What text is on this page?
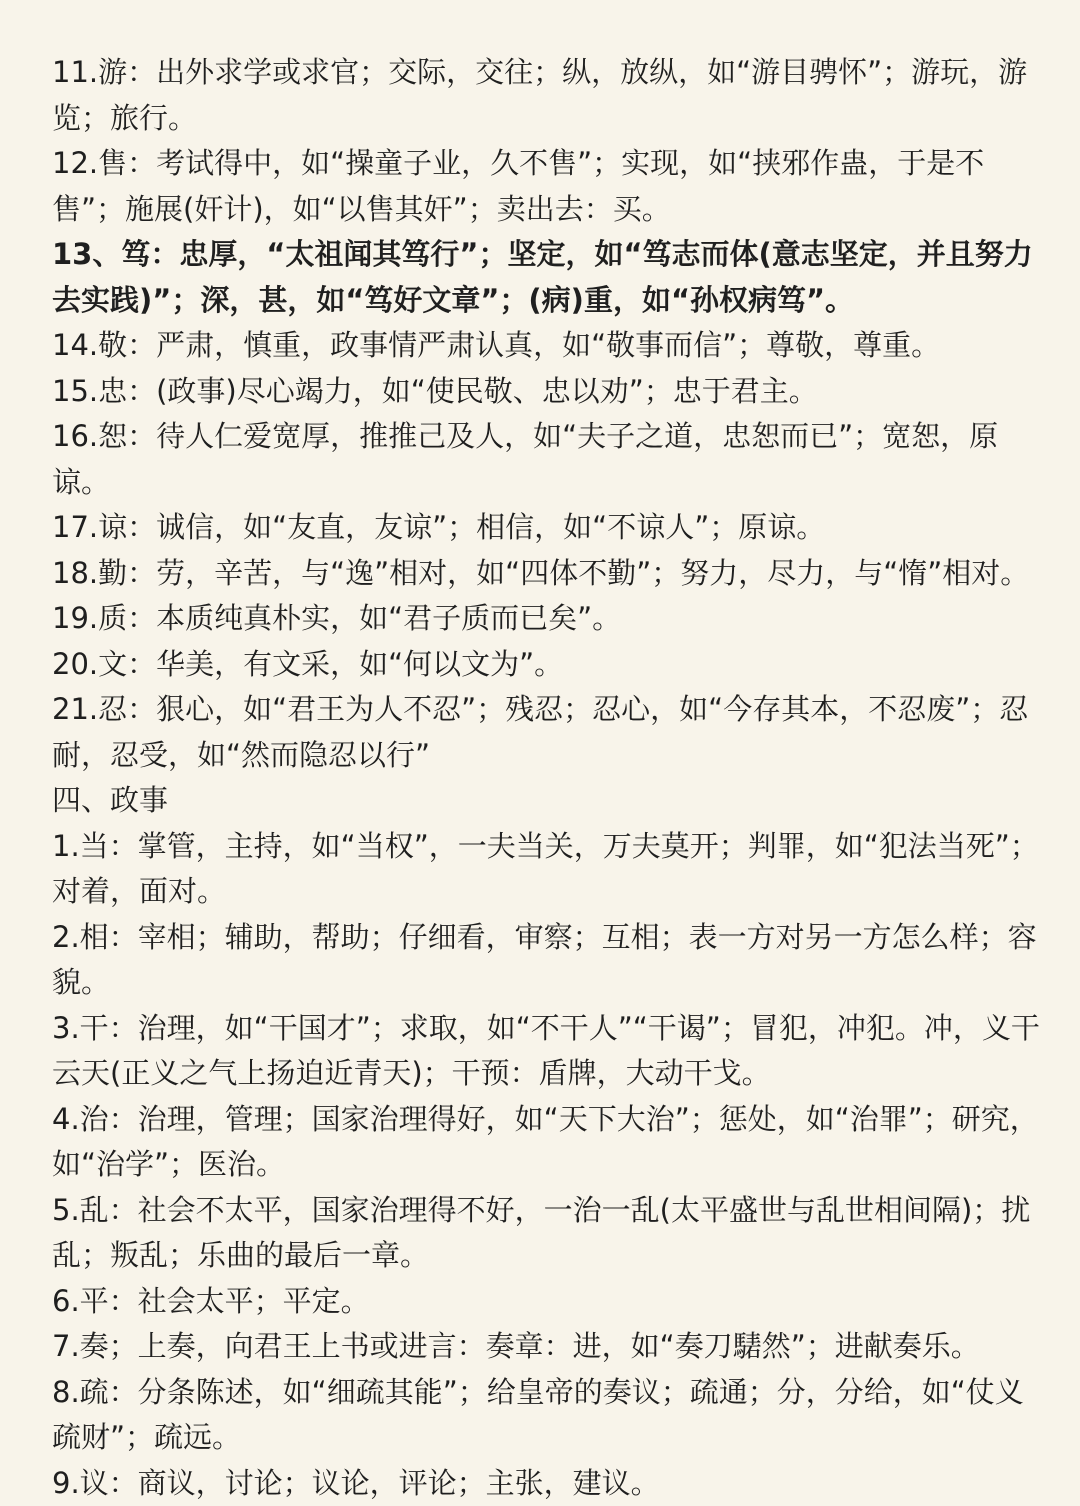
11.游：出外求学或求官；交际，交往；纵，放纵，如“游目骋怀”；游玩，游览；旅行。

12.售：考试得中，如“操童子业，久不售”；实现，如“挟邪作蛊，于是不售”；施展(奸计)，如“以售其奸”；卖出去：买。

13、笃：忠厚，“太祖闻其笃行”；坚定，如“笃志而体(意志坚定，并且努力去实践)”；深，甚，如“笃好文章”；(病)重，如“孙权病笃”。

14.敬：严肃，慎重，政事情严肃认真，如“敬事而信”；尊敬，尊重。

15.忠：(政事)尽心竭力，如“使民敬、忠以劝”；忠于君主。

16.恕：待人仁爱宽厚，推推己及人，如“夫子之道，忠恕而已”；宽恕，原谅。

17.谅：诚信，如“友直，友谅”；相信，如“不谅人”；原谅。

18.勤：劳，辛苦，与“逸”相对，如“四体不勤”；努力，尽力，与“惰”相对。

19.质：本质纯真朴实，如“君子质而已矣”。

20.文：华美，有文采，如“何以文为”。

21.忍：狠心，如“君王为人不忍”；残忍；忍心，如“今存其本，不忍废”；忍耐，忍受，如“然而隐忍以行”

四、政事

1.当：掌管，主持，如“当权”，一夫当关，万夫莫开；判罪，如“犯法当死”；对着，面对。

2.相：宰相；辅助，帮助；仔细看，审察；互相；表一方对另一方怎么样；容貌。

3.干：治理，如“干国才”；求取，如“不干人”“干谒”；冒犯，冲犯。冲，义干云天(正义之气上扬迫近青天)；干预：盾牌，大动干戈。

4.治：治理，管理；国家治理得好，如“天下大治”；惩处，如“治罪”；研究，如“治学”；医治。

5.乱：社会不太平，国家治理得不好，一治一乱(太平盛世与乱世相间隔)；扰乱；叛乱；乐曲的最后一章。

6.平：社会太平；平定。

7.奏；上奏，向君王上书或进言：奏章：进，如“奏刀騞然”；进献奏乐。

8.疏：分条陈述，如“细疏其能”；给皇帝的奏议；疏通；分，分给，如“仗义疏财”；疏远。

9.议：商议，讨论；议论，评论；主张，建议。
